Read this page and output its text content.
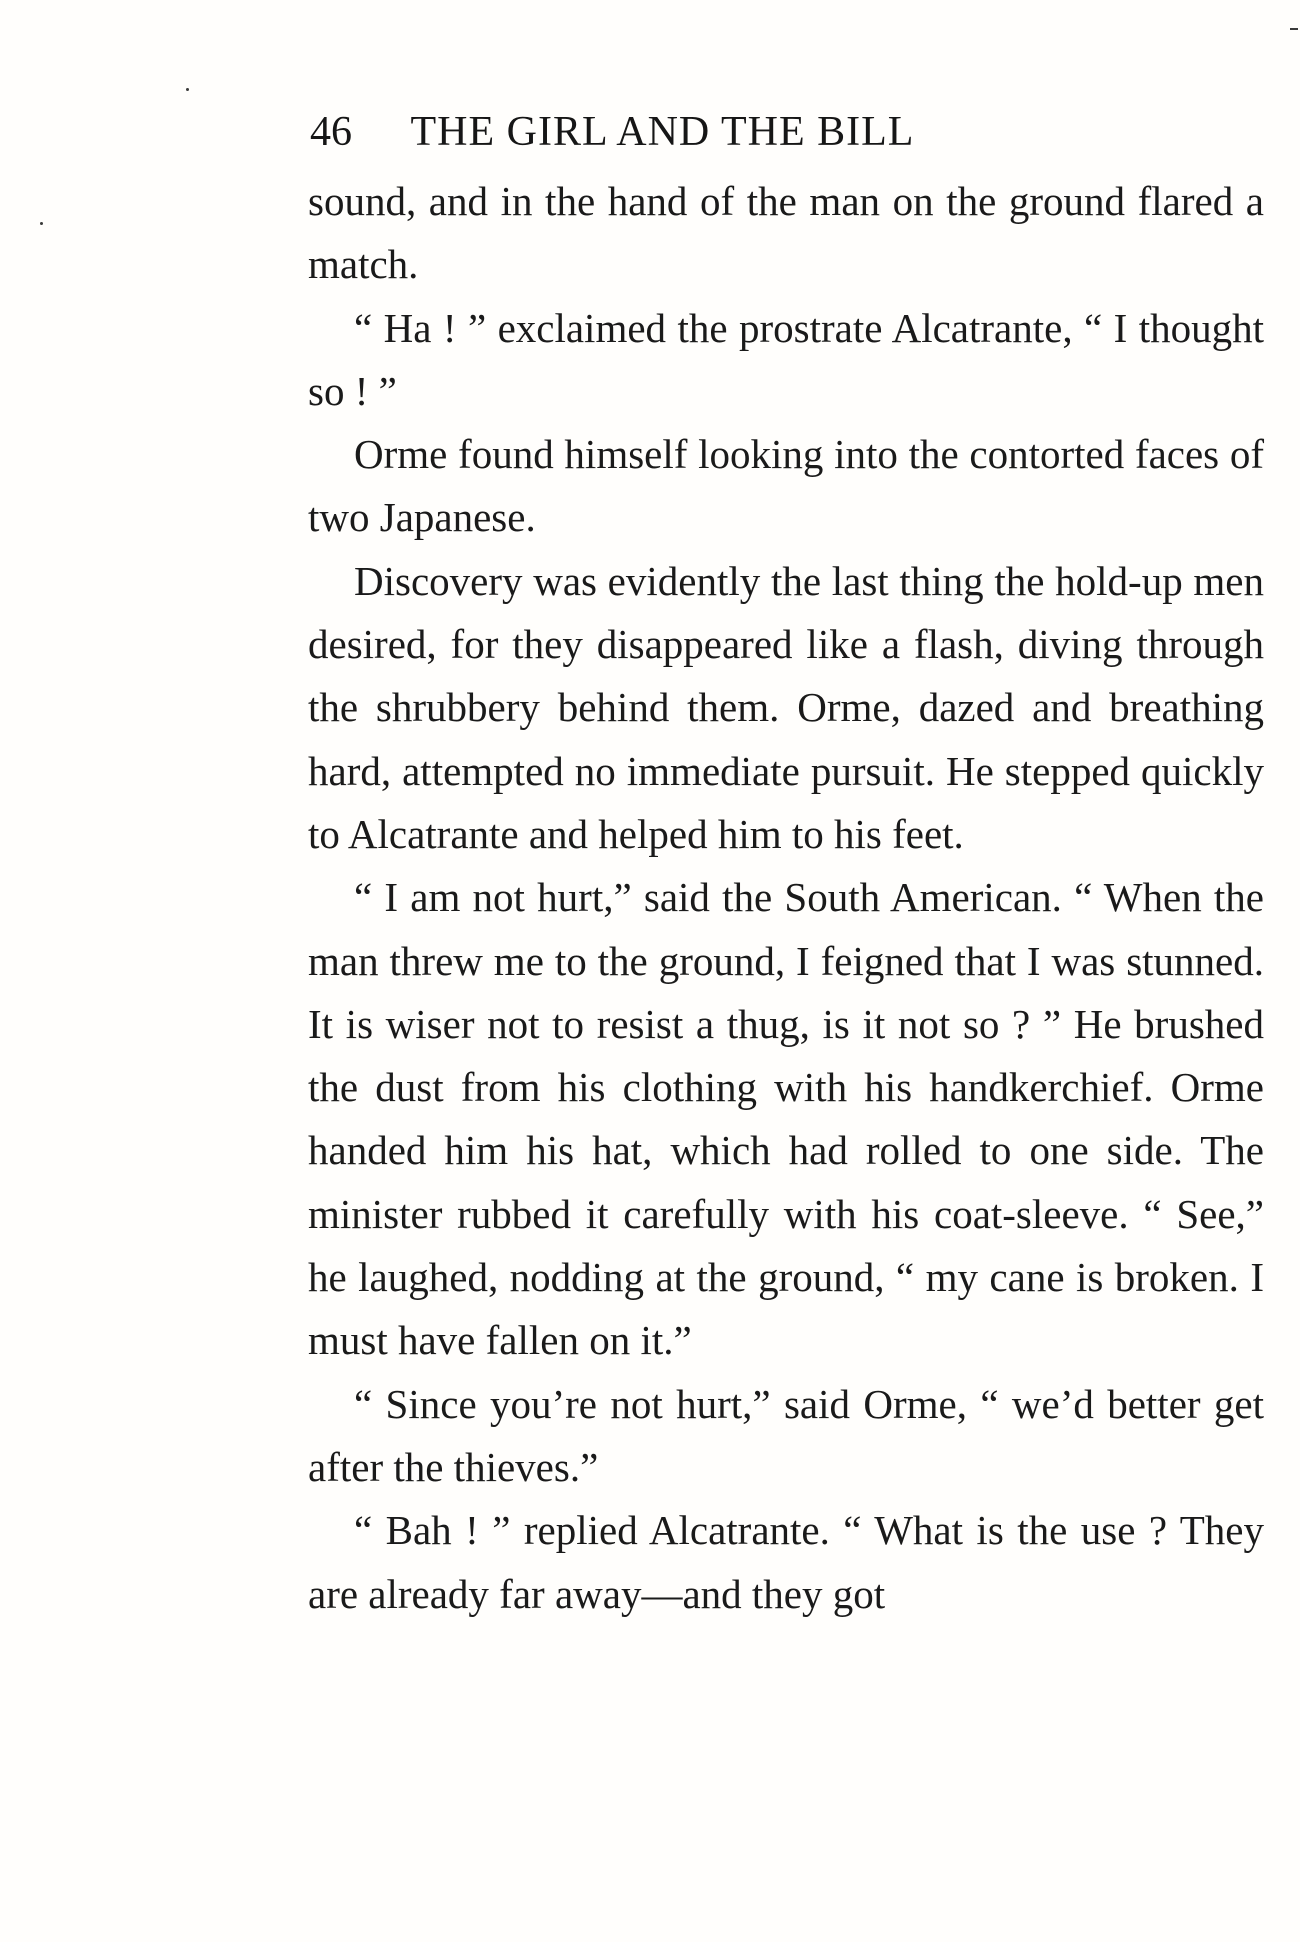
46 THE GIRL AND THE BILL

sound, and in the hand of the man on the ground flared a match.

“ Ha ! ” exclaimed the prostrate Alcatrante, “ I thought so ! ”

Orme found himself looking into the contorted faces of two Japanese.

Discovery was evidently the last thing the hold-up men desired, for they disappeared like a flash, diving through the shrubbery behind them. Orme, dazed and breathing hard, attempted no immediate pursuit. He stepped quickly to Alcatrante and helped him to his feet.

“ I am not hurt,” said the South American. “ When the man threw me to the ground, I feigned that I was stunned. It is wiser not to resist a thug, is it not so ? ” He brushed the dust from his clothing with his handkerchief. Orme handed him his hat, which had rolled to one side. The minister rubbed it carefully with his coat-sleeve. “ See,” he laughed, nodding at the ground, “ my cane is broken. I must have fallen on it.”

“ Since you’re not hurt,” said Orme, “ we’d better get after the thieves.”

“ Bah ! ” replied Alcatrante. “ What is the use ? They are already far away—and they got
